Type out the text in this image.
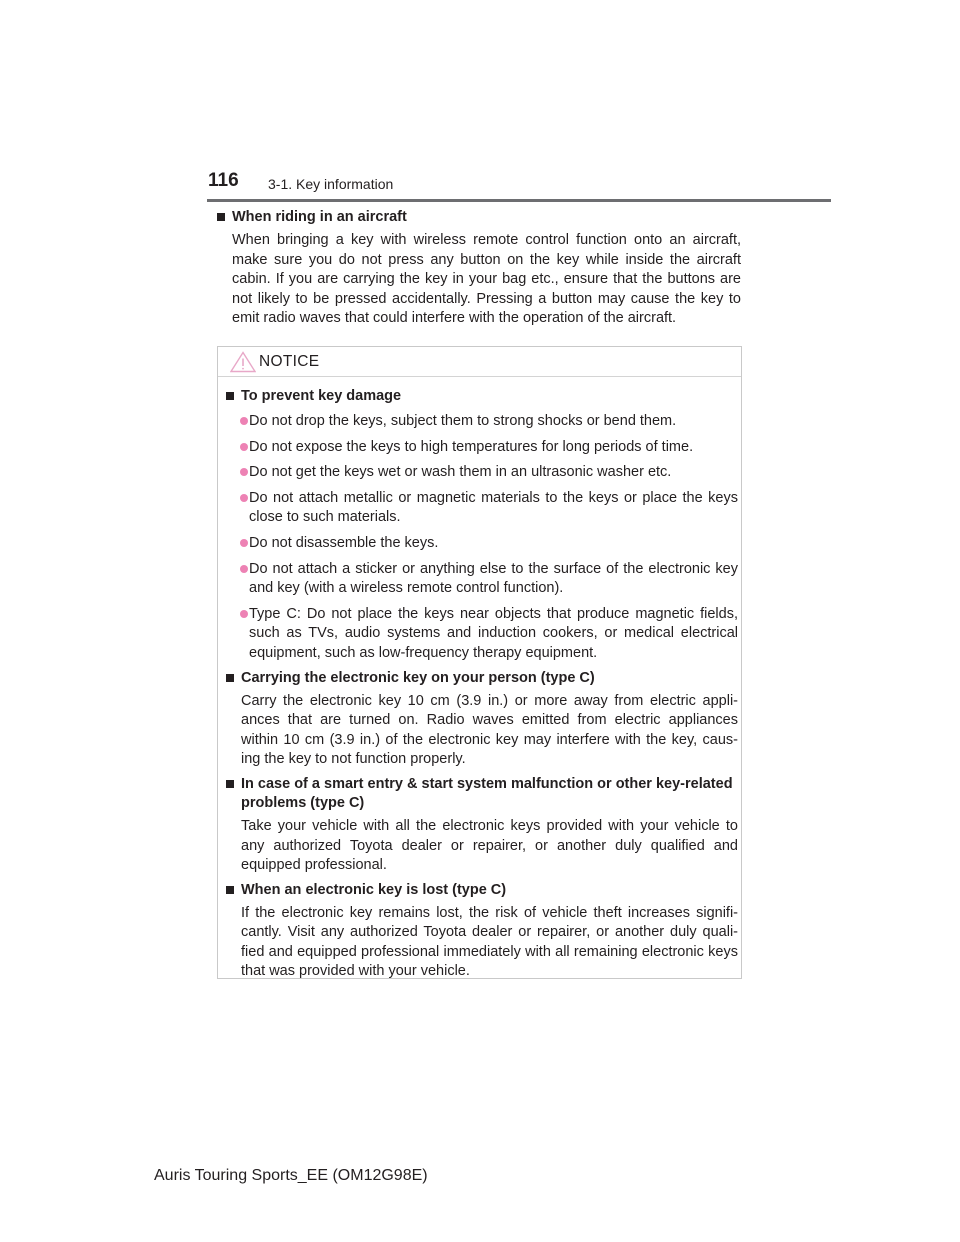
116 3-1. Key information
When riding in an aircraft
When bringing a key with wireless remote control function onto an aircraft, make sure you do not press any button on the key while inside the aircraft cabin. If you are carrying the key in your bag etc., ensure that the buttons are not likely to be pressed accidentally. Pressing a button may cause the key to emit radio waves that could interfere with the operation of the aircraft.
NOTICE
To prevent key damage
Do not drop the keys, subject them to strong shocks or bend them.
Do not expose the keys to high temperatures for long periods of time.
Do not get the keys wet or wash them in an ultrasonic washer etc.
Do not attach metallic or magnetic materials to the keys or place the keys close to such materials.
Do not disassemble the keys.
Do not attach a sticker or anything else to the surface of the electronic key and key (with a wireless remote control function).
Type C: Do not place the keys near objects that produce magnetic fields, such as TVs, audio systems and induction cookers, or medical electrical equipment, such as low-frequency therapy equipment.
Carrying the electronic key on your person (type C)
Carry the electronic key 10 cm (3.9 in.) or more away from electric appli-ances that are turned on. Radio waves emitted from electric appliances within 10 cm (3.9 in.) of the electronic key may interfere with the key, caus-ing the key to not function properly.
In case of a smart entry & start system malfunction or other key-related problems (type C)
Take your vehicle with all the electronic keys provided with your vehicle to any authorized Toyota dealer or repairer, or another duly qualified and equipped professional.
When an electronic key is lost (type C)
If the electronic key remains lost, the risk of vehicle theft increases signifi-cantly. Visit any authorized Toyota dealer or repairer, or another duly quali-fied and equipped professional immediately with all remaining electronic keys that was provided with your vehicle.
Auris Touring Sports_EE (OM12G98E)
